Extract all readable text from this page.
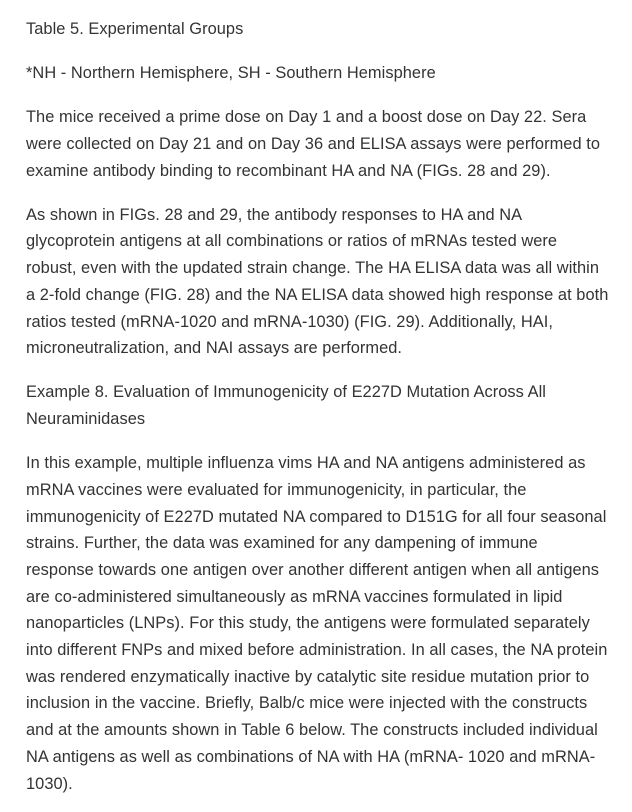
Table 5. Experimental Groups

*NH - Northern Hemisphere, SH - Southern Hemisphere

The mice received a prime dose on Day 1 and a boost dose on Day 22. Sera were collected on Day 21 and on Day 36 and ELISA assays were performed to examine antibody binding to recombinant HA and NA (FIGs. 28 and 29).

As shown in FIGs. 28 and 29, the antibody responses to HA and NA glycoprotein antigens at all combinations or ratios of mRNAs tested were robust, even with the updated strain change. The HA ELISA data was all within a 2-fold change (FIG. 28) and the NA ELISA data showed high response at both ratios tested (mRNA-1020 and mRNA-1030) (FIG. 29). Additionally, HAI, microneutralization, and NAI assays are performed.

Example 8. Evaluation of Immunogenicity of E227D Mutation Across All Neuraminidases

In this example, multiple influenza vims HA and NA antigens administered as mRNA vaccines were evaluated for immunogenicity, in particular, the immunogenicity of E227D mutated NA compared to D151G for all four seasonal strains. Further, the data was examined for any dampening of immune response towards one antigen over another different antigen when all antigens are co-administered simultaneously as mRNA vaccines formulated in lipid nanoparticles (LNPs). For this study, the antigens were formulated separately into different FNPs and mixed before administration. In all cases, the NA protein was rendered enzymatically inactive by catalytic site residue mutation prior to inclusion in the vaccine. Briefly, Balb/c mice were injected with the constructs and at the amounts shown in Table 6 below. The constructs included individual NA antigens as well as combinations of NA with HA (mRNA- 1020 and mRNA- 1030).
